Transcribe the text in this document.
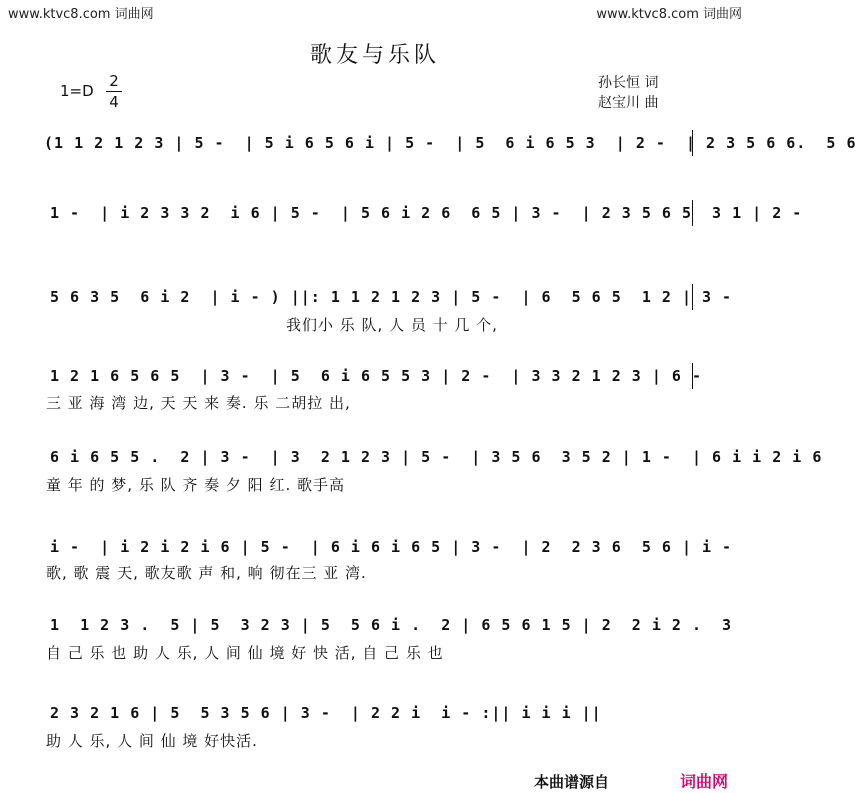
www.ktvc8.com 词曲网	www.ktvc8.com 词曲网
歌友与乐队
1=D
2
4
孙长恒 词
赵宝川 曲
(1 1 2 1 2 3 | 5 -  | 5 i 6 5 6 i | 5 -  | 5  6 i 6 5 3  | 2 -  | 2 3 5 6 6.  5 6
1 -  | i 2 3 3 2  i 6 | 5 -  | 5 6 i 2 6  6 5 | 3 -  | 2 3 5 6 5  3 1 | 2 -
5 6 3 5  6 i 2  | i - ) ||: 1 1 2 1 2 3 | 5 -  | 6  5 6 5  1 2 | 3 -
我们小 乐 队, 人 员 十 几 个,
1 2 1 6 5 6 5  | 3 -  | 5  6 i 6 5 5 3 | 2 -  | 3 3 2 1 2 3 | 6 -
三 亚 海 湾 边, 天 天 来 奏. 乐 二胡拉 出,
6 i 6 5 5 .  2 | 3 -  | 3  2 1 2 3 | 5 -  | 3 5 6  3 5 2 | 1 -  | 6 i i 2 i 6
童 年 的 梦, 乐 队 齐 奏 夕 阳 红. 歌手高
i -  | i 2 i 2 i 6 | 5 -  | 6 i 6 i 6 5 | 3 -  | 2  2 3 6  5 6 | i -
歌, 歌 震 天, 歌友歌 声 和, 响 彻在三 亚 湾.
1  1 2 3 .  5 | 5  3 2 3 | 5  5 6 i .  2 | 6 5 6 1 5 | 2  2 i 2 .  3
自 己 乐 也 助 人 乐, 人 间 仙 境 好 快 活, 自 己 乐 也
2 3 2 1 6 | 5  5 3 5 6 | 3 -  | 2 2 i  i - :|| i i i ||
助 人 乐, 人 间 仙 境 好快活.
本曲谱源自	词曲网
